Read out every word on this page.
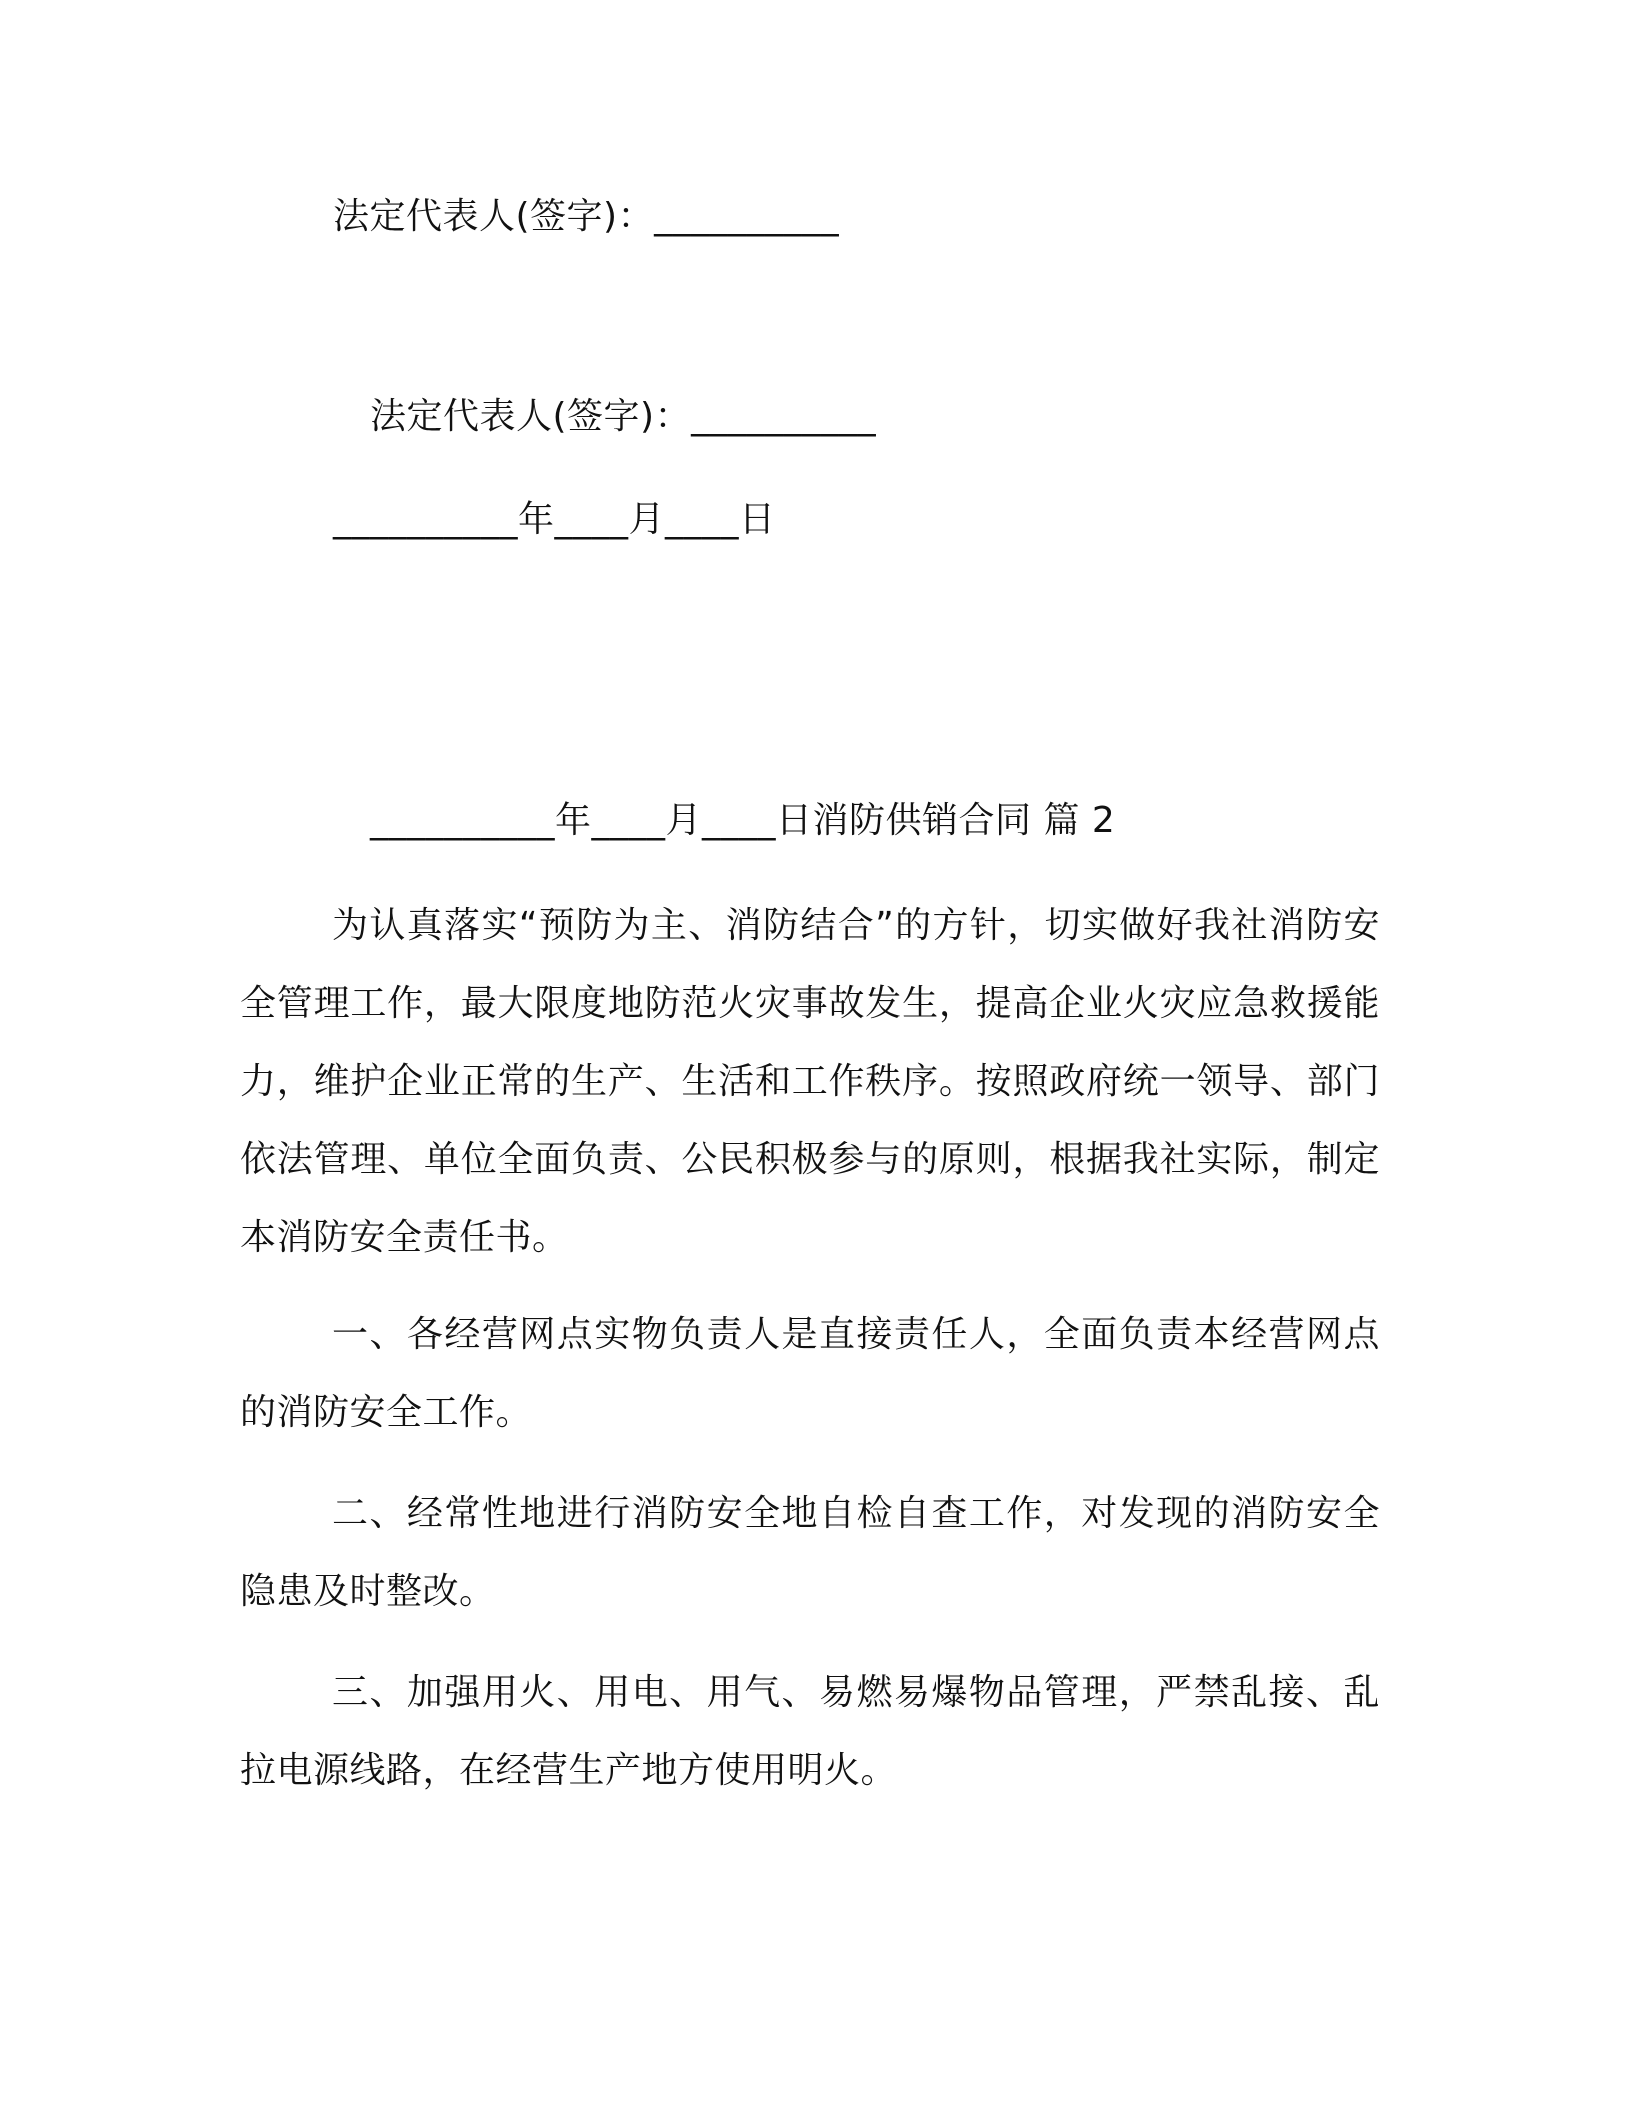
法定代表人(签字)：__________
法定代表人(签字)：__________
__________年____月____日
__________年____月____日消防供销合同 篇 2
为认真落实“预防为主、消防结合”的方针，切实做好我社消防安全管理工作，最大限度地防范火灾事故发生，提高企业火灾应急救援能力，维护企业正常的生产、生活和工作秩序。按照政府统一领导、部门依法管理、单位全面负责、公民积极参与的原则，根据我社实际，制定本消防安全责任书。
一、各经营网点实物负责人是直接责任人，全面负责本经营网点的消防安全工作。
二、经常性地进行消防安全地自检自查工作，对发现的消防安全隐患及时整改。
三、加强用火、用电、用气、易燃易爆物品管理，严禁乱接、乱拉电源线路，在经营生产地方使用明火。
